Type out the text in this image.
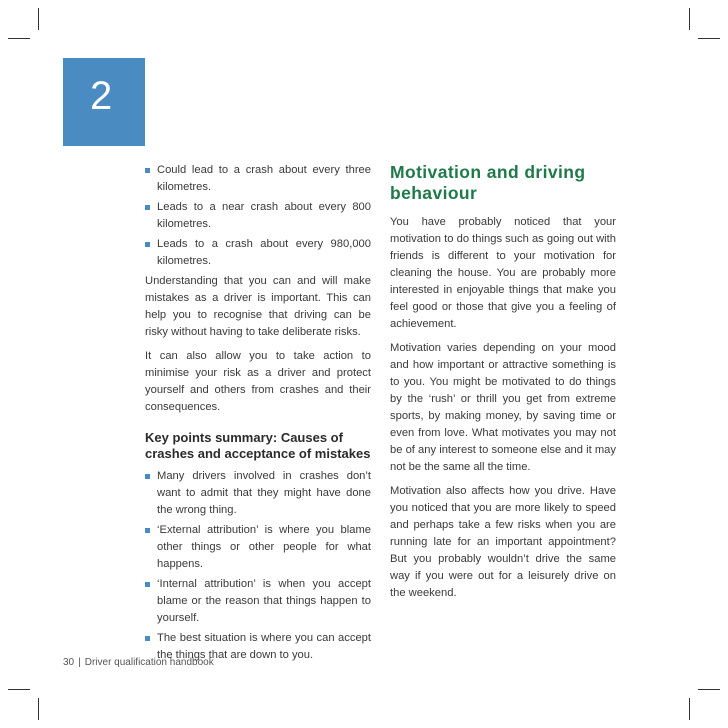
2
Could lead to a crash about every three kilometres.
Leads to a near crash about every 800 kilometres.
Leads to a crash about every 980,000 kilometres.

Understanding that you can and will make mistakes as a driver is important. This can help you to recognise that driving can be risky without having to take deliberate risks.

It can also allow you to take action to minimise your risk as a driver and protect yourself and others from crashes and their consequences.

Key points summary: Causes of crashes and acceptance of mistakes
Many drivers involved in crashes don’t want to admit that they might have done the wrong thing.
‘External attribution’ is where you blame other things or other people for what happens.
‘Internal attribution’ is when you accept blame or the reason that things happen to yourself.
The best situation is where you can accept the things that are down to you.
Motivation and driving behaviour

You have probably noticed that your motivation to do things such as going out with friends is different to your motivation for cleaning the house. You are probably more interested in enjoyable things that make you feel good or those that give you a feeling of achievement.

Motivation varies depending on your mood and how important or attractive something is to you. You might be motivated to do things by the ‘rush’ or thrill you get from extreme sports, by making money, by saving time or even from love. What motivates you may not be of any interest to someone else and it may not be the same all the time.

Motivation also affects how you drive. Have you noticed that you are more likely to speed and perhaps take a few risks when you are running late for an important appointment? But you probably wouldn’t drive the same way if you were out for a leisurely drive on the weekend.

30 | Driver qualification handbook
